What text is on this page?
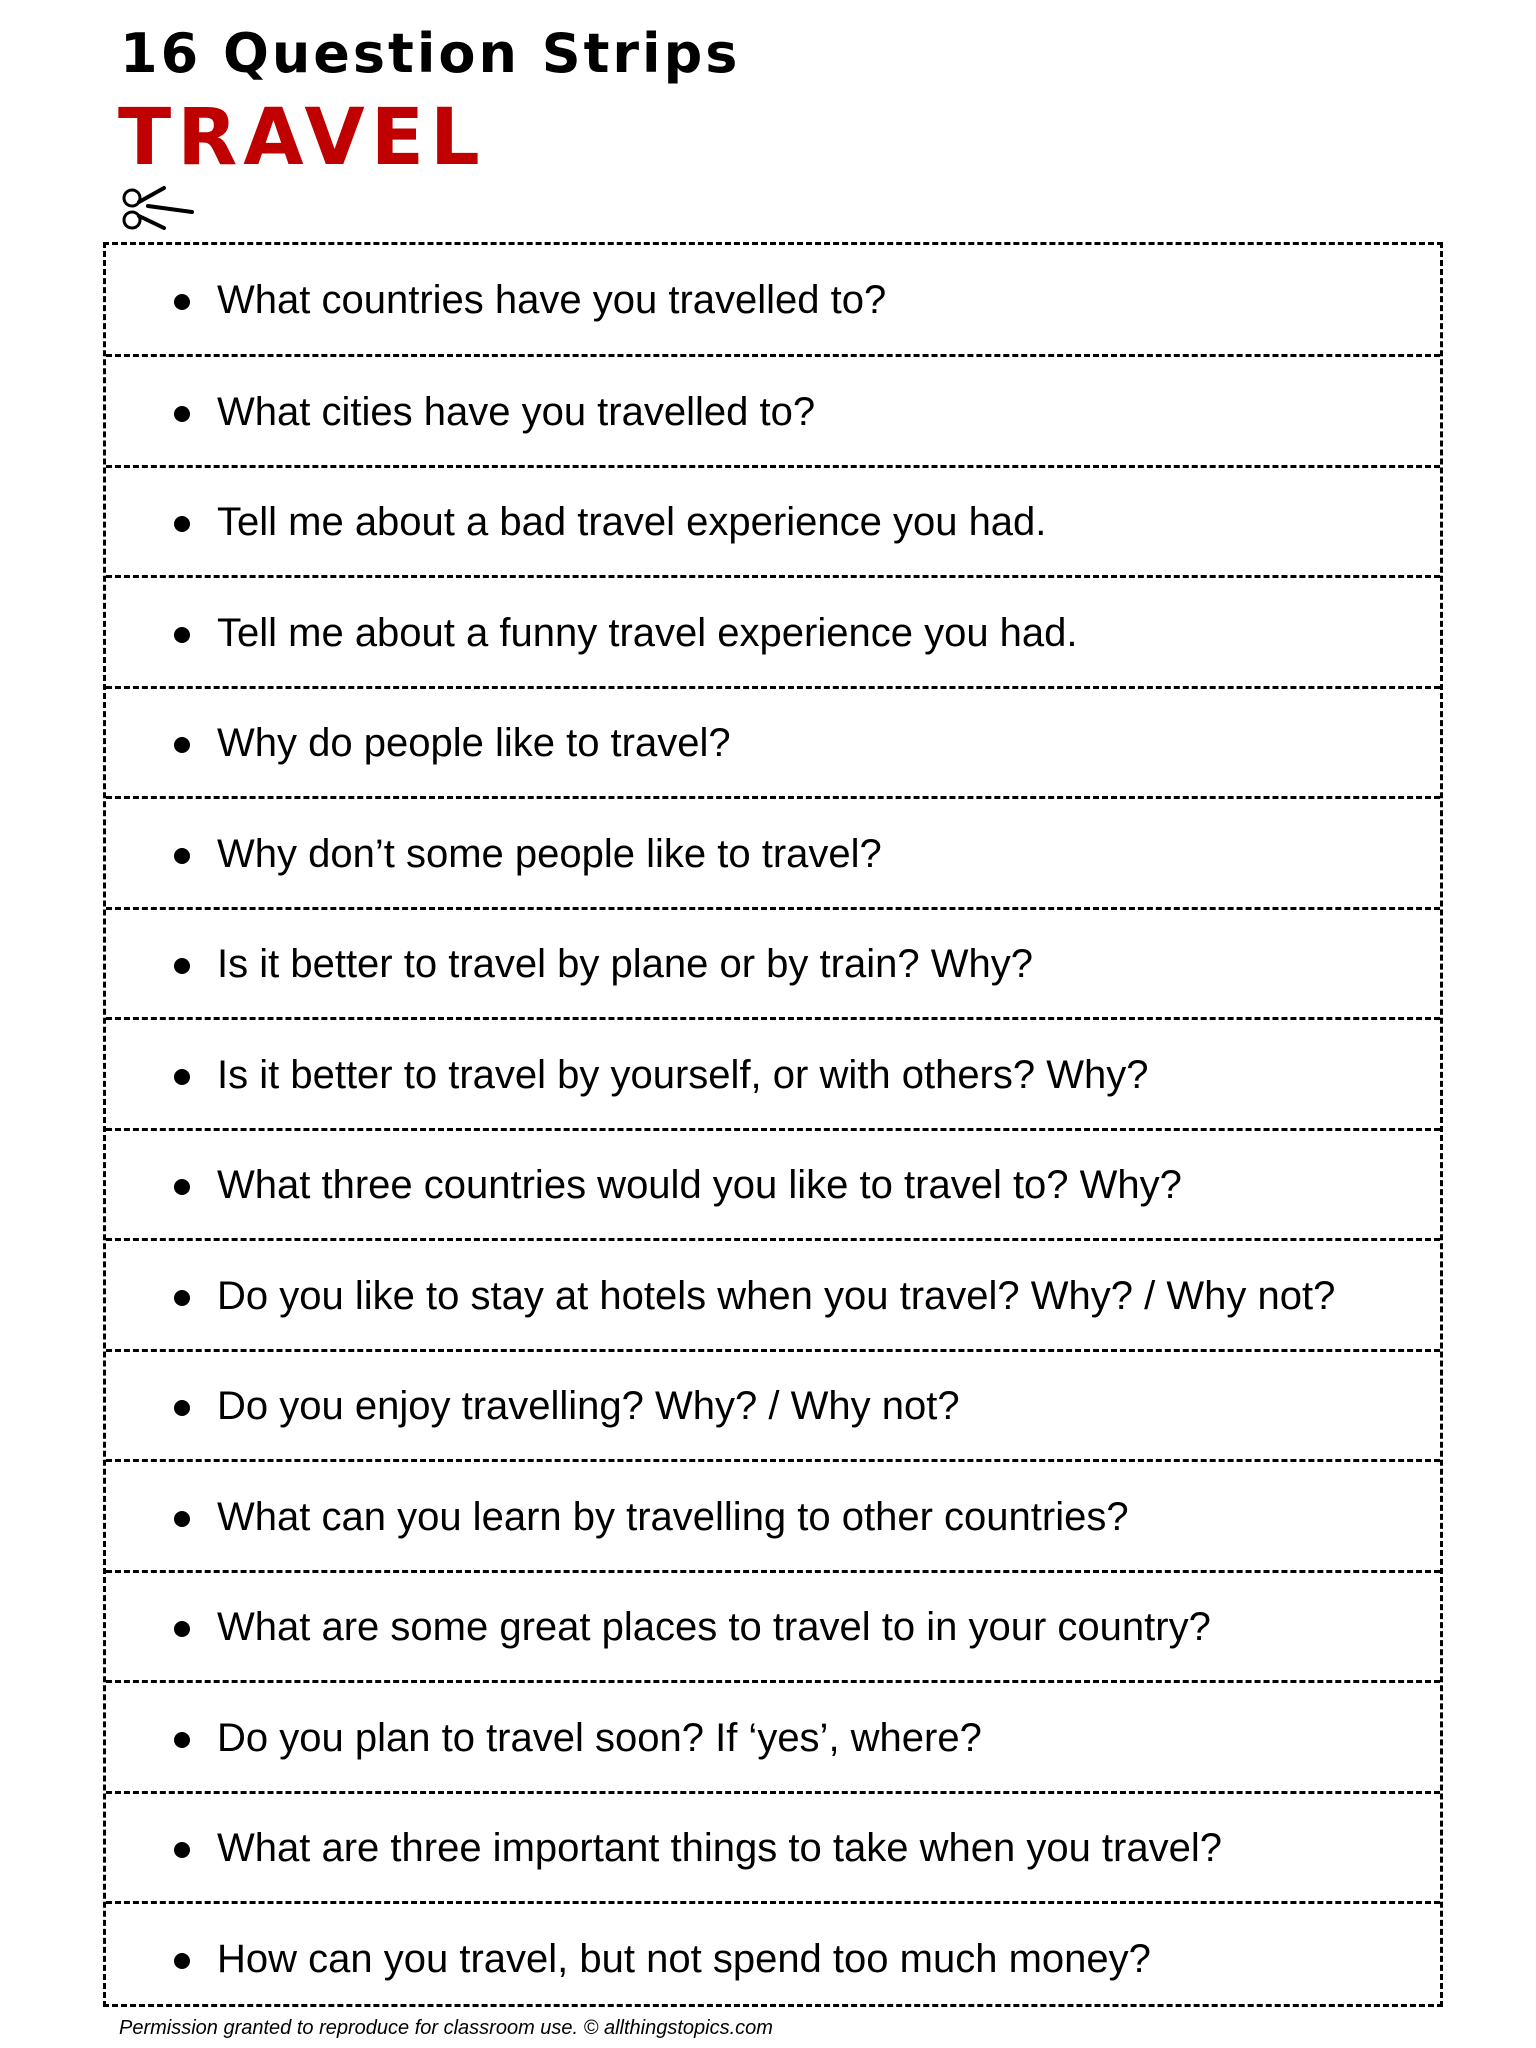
16 Question Strips
TRAVEL
What countries have you travelled to?
What cities have you travelled to?
Tell me about a bad travel experience you had.
Tell me about a funny travel experience you had.
Why do people like to travel?
Why don’t some people like to travel?
Is it better to travel by plane or by train? Why?
Is it better to travel by yourself, or with others? Why?
What three countries would you like to travel to? Why?
Do you like to stay at hotels when you travel? Why? / Why not?
Do you enjoy travelling? Why? / Why not?
What can you learn by travelling to other countries?
What are some great places to travel to in your country?
Do you plan to travel soon? If ‘yes’, where?
What are three important things to take when you travel?
How can you travel, but not spend too much money?
Permission granted to reproduce for classroom use. © allthingstopics.com
